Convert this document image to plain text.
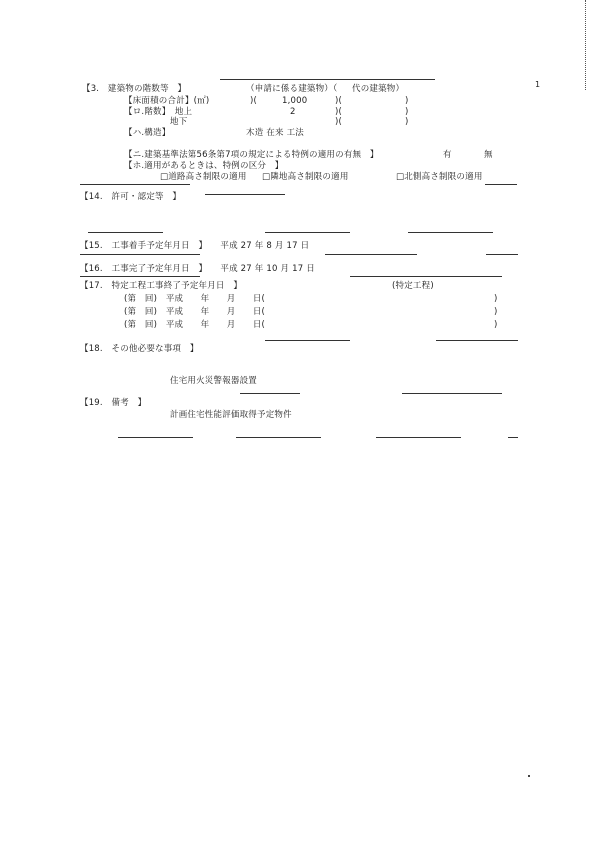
1
【3.　建築物の階数等　】	（申請に係る建築物）（ 代の建築物）
【床面積の合計】(㎡)	)(	1,000	)(	)
【ロ.階数】　地上	2	)(	)
地下	)(	)
【ハ.構造】	木造 在来 工法
【ニ.建築基準法第56条第7項の規定による特例の適用の有無　】	有	無
【ホ.適用があるときは、特例の区分　】
□道路高さ制限の適用 □隣地高さ制限の適用	□北側高さ制限の適用
【14.　許可・認定等　】
【15.　工事着手予定年月日　】　　平成 27 年 8 月 17 日
【16.　工事完了予定年月日　】　　平成 27 年 10 月 17 日
【17.　特定工程工事終了予定年月日　】	(特定工程)
(第　回)　平成　　年　　月　　日(	)
(第　回)　平成　　年　　月　　日(	)
(第　回)　平成　　年　　月　　日(	)
【18.　その他必要な事項　】
住宅用火災警報器設置
【19.　備考　】
計画住宅性能評価取得予定物件
